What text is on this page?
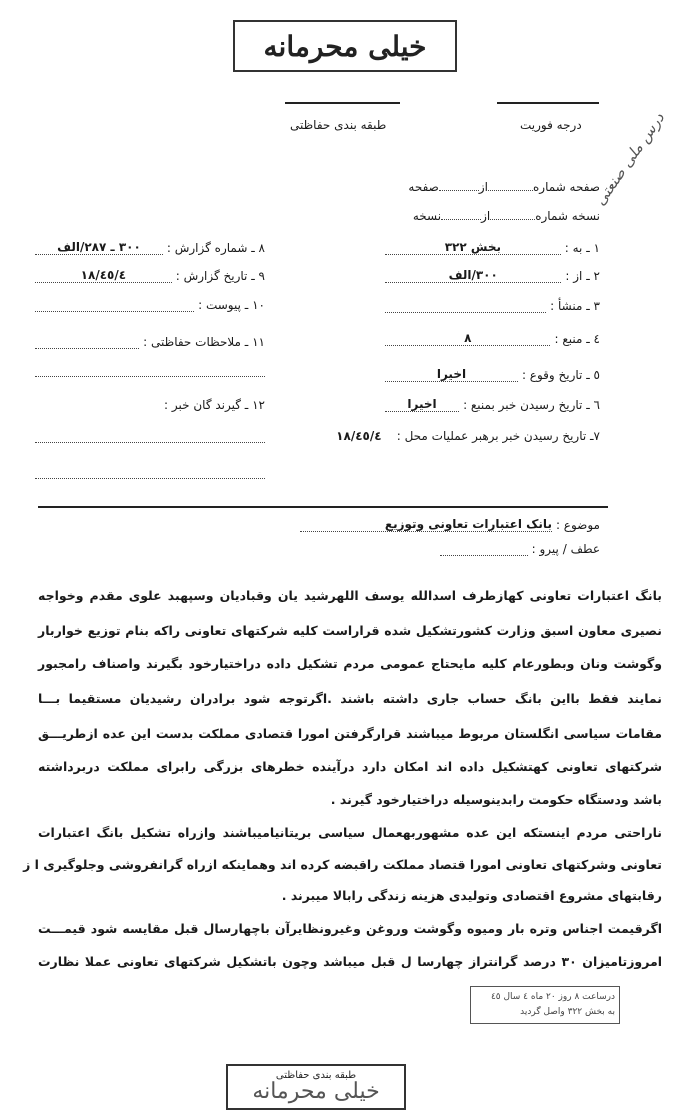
خیلی محرمانه
طبقه بندی حفاظتی	درجه فوریت درس ملی صنعتی
صفحه شمارهازصفحه
نسخه شمارهازنسخه
۱ ـ به :
بخش ۳۲۲
۲ ـ از :
۳۰۰/الف
۳ ـ منشأ :
٤ ـ منبع :
۸
٥ ـ تاریخ وقوع :
اخیرا
٦ ـ تاریخ رسیدن خبر بمنبع :
اخیرا
۷ـ تاریخ رسیدن خبر برهبر عملیات محل :
٤٥/٤/۱۸
۸ ـ شماره گزارش :
۳۰۰ ـ ۲۸۷/الف
۹ ـ تاریخ گزارش :
٤٥/٤/۱۸
۱۰ ـ پیوست :
۱۱ ـ ملاحظات حفاظتی :
۱۲ ـ گیرند گان خبر :
موضوع :
بانک اعتبارات تعاونی وتوزیع
عطف / پیرو :
بانگ اعتبارات تعاونی کهازطرف اسدالله یوسف اللهرشید یان وقبادیان وسپهبد علوی مقدم وخواجه
نصیری معاون اسبق وزارت کشورتشکیل شده قراراست کلیه شرکتهای تعاونی راکه بنام توزیع خواربار
وگوشت ونان وبطورعام کلیه مایحتاج عمومی مردم تشکیل داده دراختیارخود بگیرند واصناف رامجبور
نمایند فقط بااین بانگ حساب جاری داشته باشند .اگرتوجه شود برادران رشیدیان مستقیما بـــا
مقامات سیاسی انگلستان مربوط میباشند قرارگرفتن امورا قتصادی مملکت بدست این عده ازطریـــق
شرکتهای تعاونی کهتشکیل داده اند امکان دارد درآینده خطرهای بزرگی رابرای مملکت دربرداشته
باشد ودستگاه حکومت رابدینوسیله دراختیارخود گیرند .
ناراحتی مردم اینستکه این عده مشهوربهعمال سیاسی بریتانیامیباشند وازراه تشکیل بانگ اعتبارات
تعاونی وشرکتهای تعاونی امورا قتصاد مملکت راقبضه کرده اند وهماینکه ازراه گرانفروشی وجلوگیری ا ز
رقابتهای مشروع اقتصادی وتولیدی هزینه زندگی رابالا میبرند .
اگرقیمت اجناس وتره بار ومیوه وگوشت وروغن وغیرونظایرآن باچهارسال قبل مقایسه شود قیمـــت
امروزتامیزان ۳۰ درصد گرانتراز چهارسا ل قبل میباشد وچون باتشکیل شرکتهای تعاونی عملا نظارت
درساعت ۸ روز ۲۰ ماه ٤ سال ٤٥
به بخش ۳۲۲ واصل گردید
طبقه بندی حفاظتی
خیلی محرمانه
